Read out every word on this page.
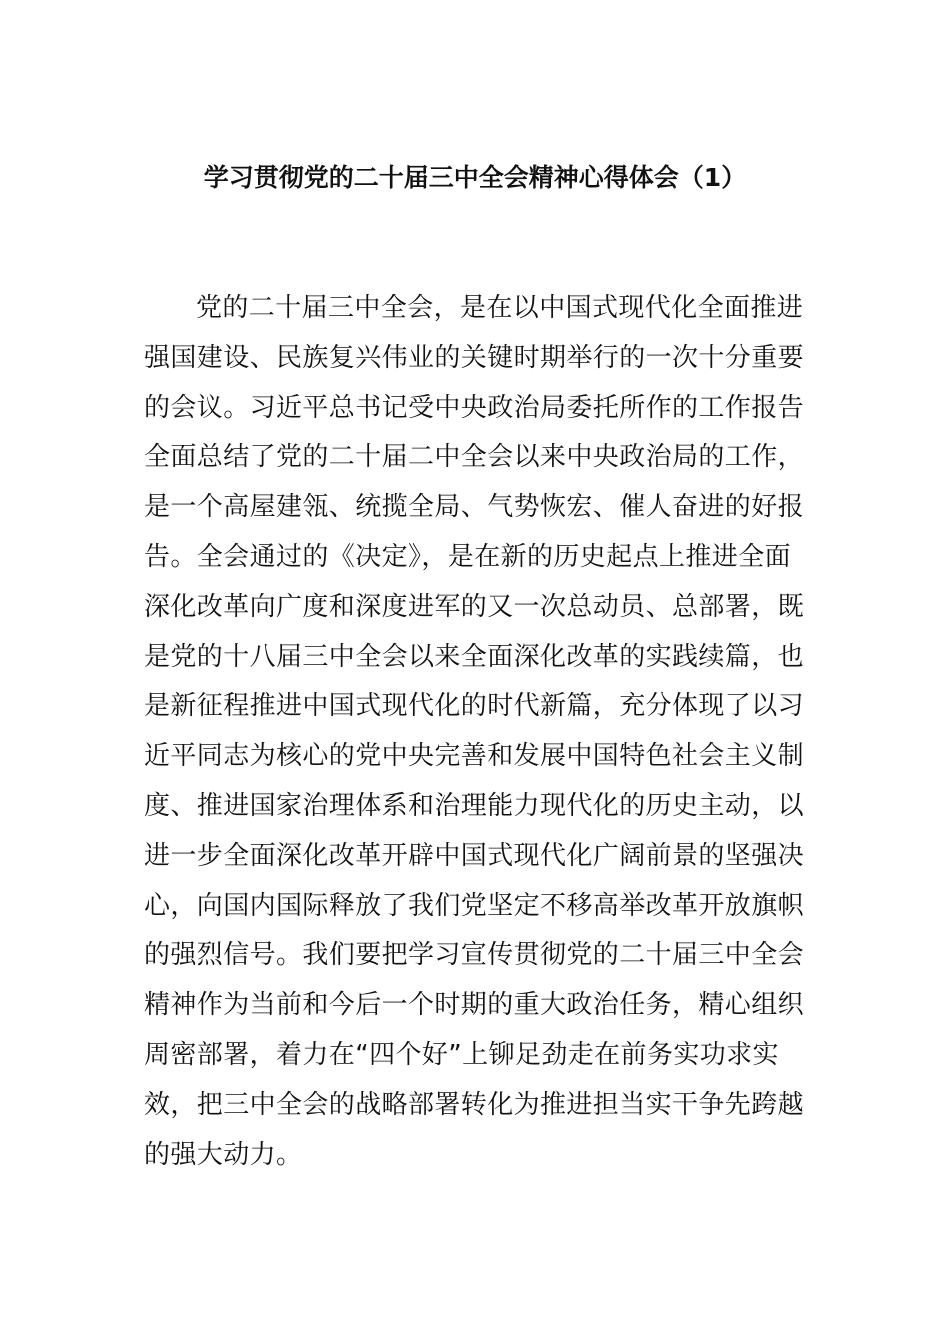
学习贯彻党的二十届三中全会精神心得体会（1）
党的二十届三中全会，是在以中国式现代化全面推进
强国建设、民族复兴伟业的关键时期举行的一次十分重要
的会议。习近平总书记受中央政治局委托所作的工作报告
全面总结了党的二十届二中全会以来中央政治局的工作，
是一个高屋建瓴、统揽全局、气势恢宏、催人奋进的好报
告。全会通过的《决定》，是在新的历史起点上推进全面
深化改革向广度和深度进军的又一次总动员、总部署，既
是党的十八届三中全会以来全面深化改革的实践续篇，也
是新征程推进中国式现代化的时代新篇，充分体现了以习
近平同志为核心的党中央完善和发展中国特色社会主义制
度、推进国家治理体系和治理能力现代化的历史主动，以
进一步全面深化改革开辟中国式现代化广阔前景的坚强决
心，向国内国际释放了我们党坚定不移高举改革开放旗帜
的强烈信号。我们要把学习宣传贯彻党的二十届三中全会
精神作为当前和今后一个时期的重大政治任务，精心组织
周密部署，着力在“四个好”上铆足劲走在前务实功求实
效，把三中全会的战略部署转化为推进担当实干争先跨越
的强大动力。
